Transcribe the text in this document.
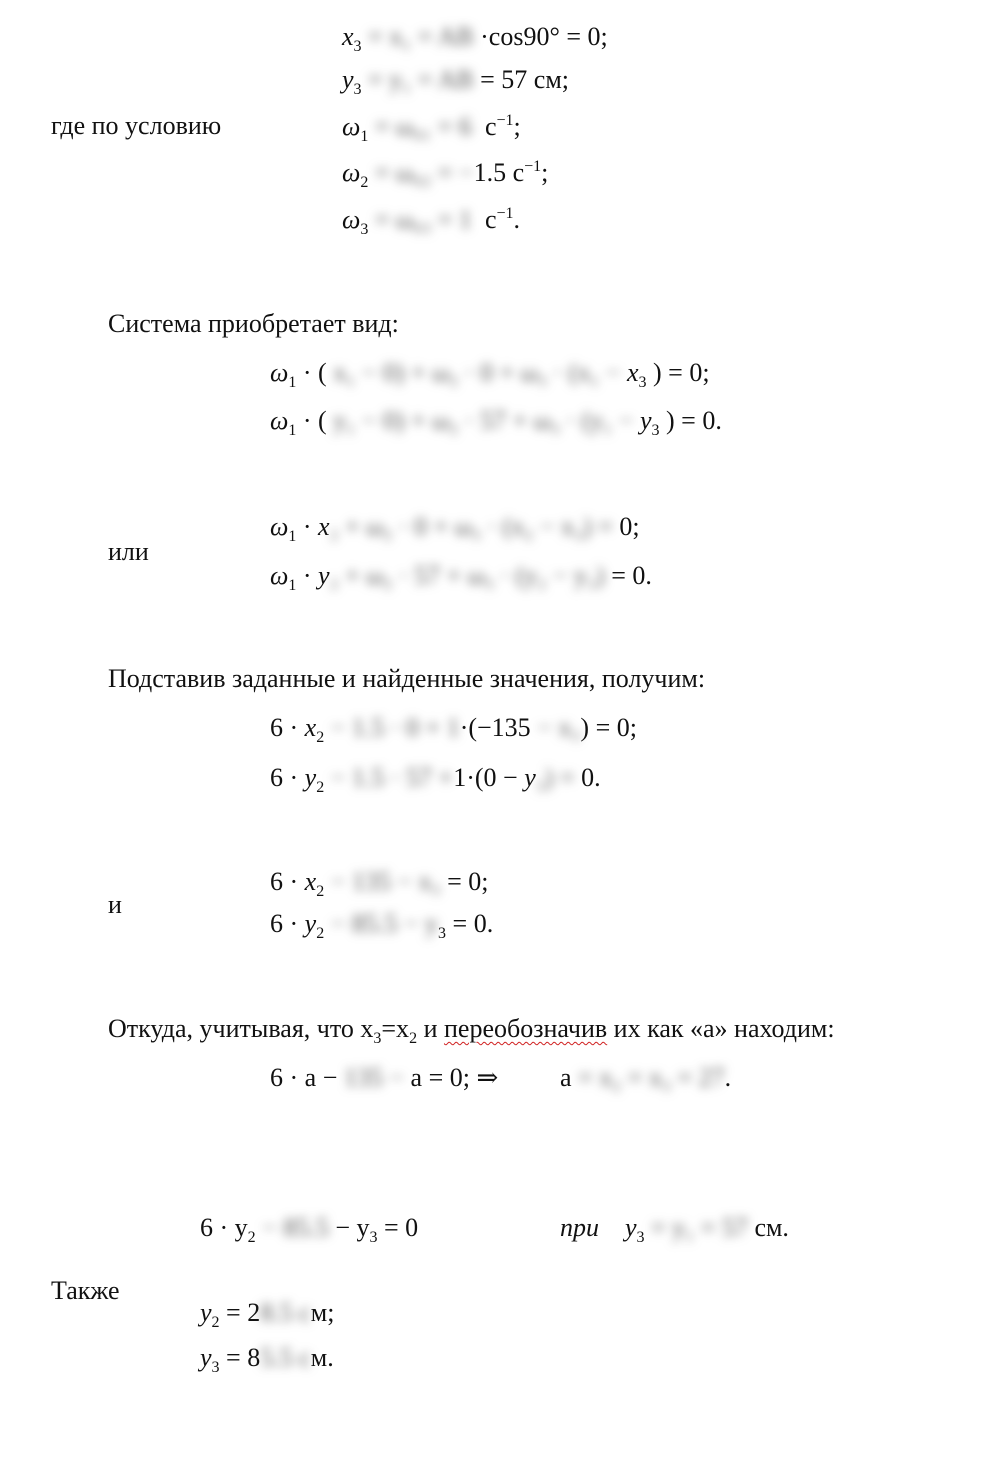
$x_3 = x_1$ = AB ·cos90° = 0;
$y_3 = y_1$ = AB = 57 см;
где по условию	$\omega_1 = \omega_{01} = 6$ $c^{-1}$;
$\omega_2 = \omega_{02} = -1.5$ $c^{-1}$;
$\omega_3 = \omega_{03} = 1$ $c^{-1}$.
Система приобретает вид:
$\omega_1$ · ( $x_1 - 0) + \omega_2 \cdot 0 + \omega_3 \cdot (x_1 - x_3$ ) = 0;
$\omega_1$ · ( $y_1 - 0) + \omega_2 \cdot 57 + \omega_3 \cdot (y_1 - y_3$ ) = 0.
или
$\omega_1 \cdot x_2 + \omega_2 \cdot 0 + \omega_3 \cdot (x_2 - x_3) = 0$;
$\omega_1 \cdot y_2 + \omega_2 \cdot 57 + \omega_3 \cdot (y_2 - y_3) = 0$.
Подставив заданные и найденные значения, получим:
$6 \cdot x_2 - 1.5 \cdot 0 + 1\cdot(-135 - x_3) = 0$;
$6 \cdot y_2 - 1.5 \cdot 57 +1\cdot(0 - y_3) = 0$.
и
$6 \cdot x_2 - 135 - x_3 = 0$;
$6 \cdot y_2 - 85.5 - y_3 = 0$.
Откуда, учитывая, что $x_3=x_2$ и переобозначив их как «а» находим:
6 · a − 135 − a = 0; ⇒ а = x₂ = x₃ = 27.
$6 \cdot y_2 - 85.5 - y_3 = 0$	при $y_3 = y_1 = 57$ см.
Также
$y_2 = 28.5$ см;
$y_3 = 85.5$ см.
